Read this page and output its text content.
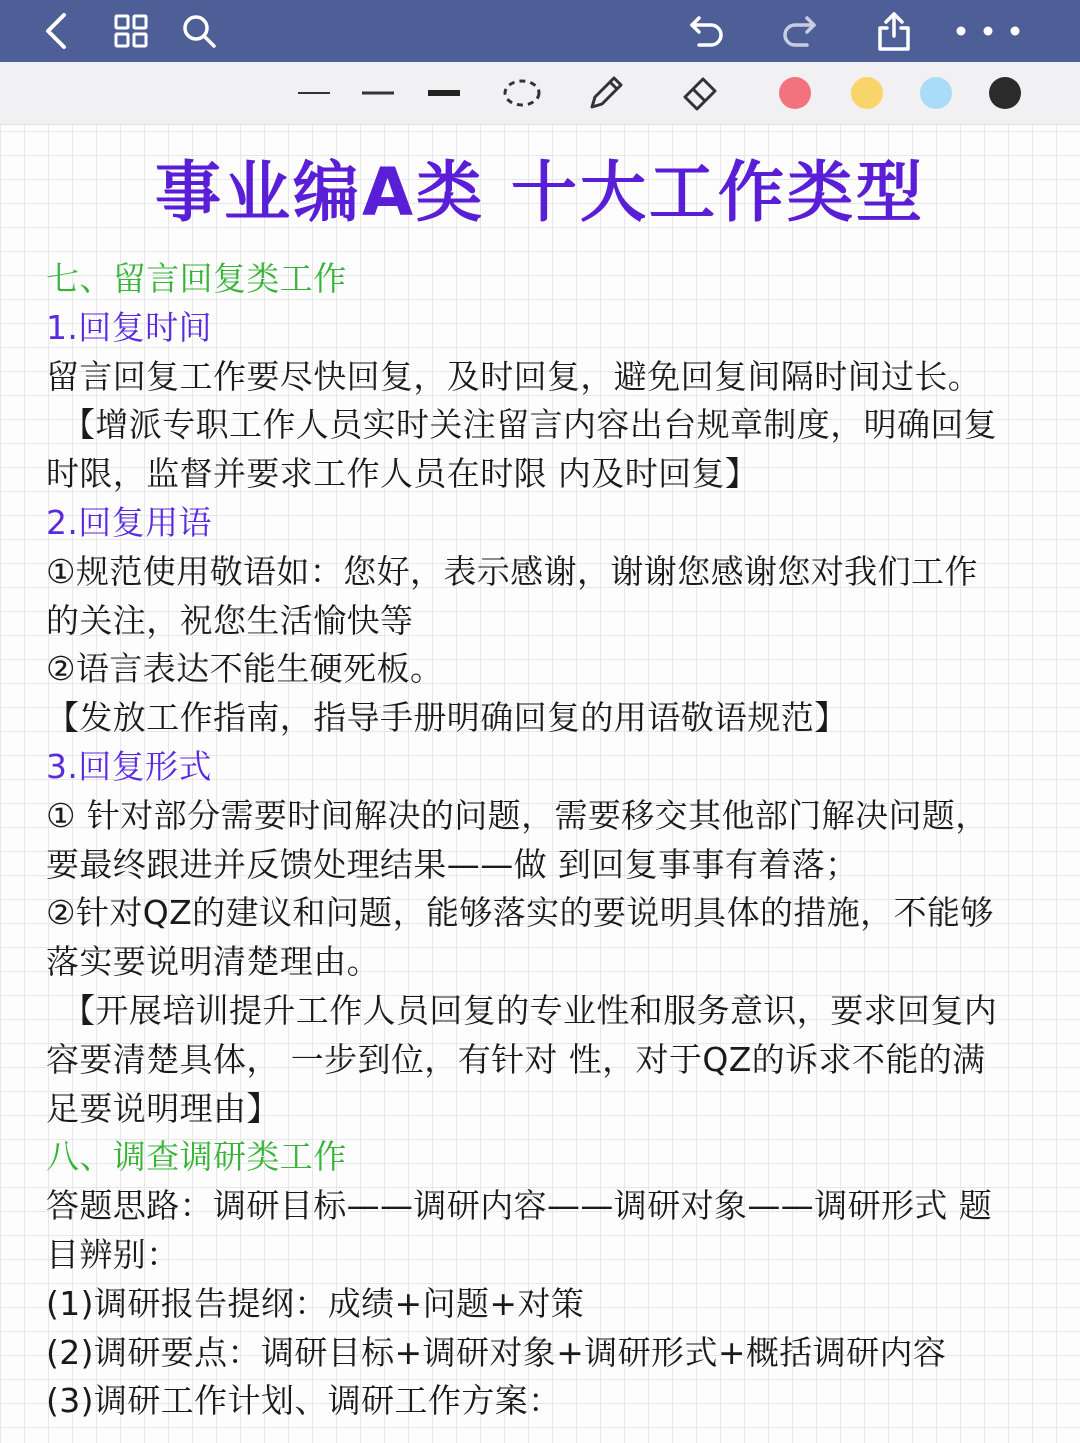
事业编A类 十大工作类型
七、留言回复类工作
1.回复时间
留言回复工作要尽快回复，及时回复，避免回复间隔时间过长。
【增派专职工作人员实时关注留言内容出台规章制度，明确回复
时限，监督并要求工作人员在时限 内及时回复】
2.回复用语
①规范使用敬语如：您好，表示感谢，谢谢您感谢您对我们工作
的关注，祝您生活愉快等
②语言表达不能生硬死板。
【发放工作指南，指导手册明确回复的用语敬语规范】
3.回复形式
① 针对部分需要时间解决的问题，需要移交其他部门解决问题，
要最终跟进并反馈处理结果——做 到回复事事有着落；
②针对QZ的建议和问题，能够落实的要说明具体的措施，不能够
落实要说明清楚理由。
【开展培训提升工作人员回复的专业性和服务意识，要求回复内
容要清楚具体， 一步到位，有针对 性，对于QZ的诉求不能的满
足要说明理由】
八、调查调研类工作
答题思路：调研目标——调研内容——调研对象——调研形式 题
目辨别：
(1)调研报告提纲：成绩+问题+对策
(2)调研要点：调研目标+调研对象+调研形式+概括调研内容
(3)调研工作计划、调研工作方案：
